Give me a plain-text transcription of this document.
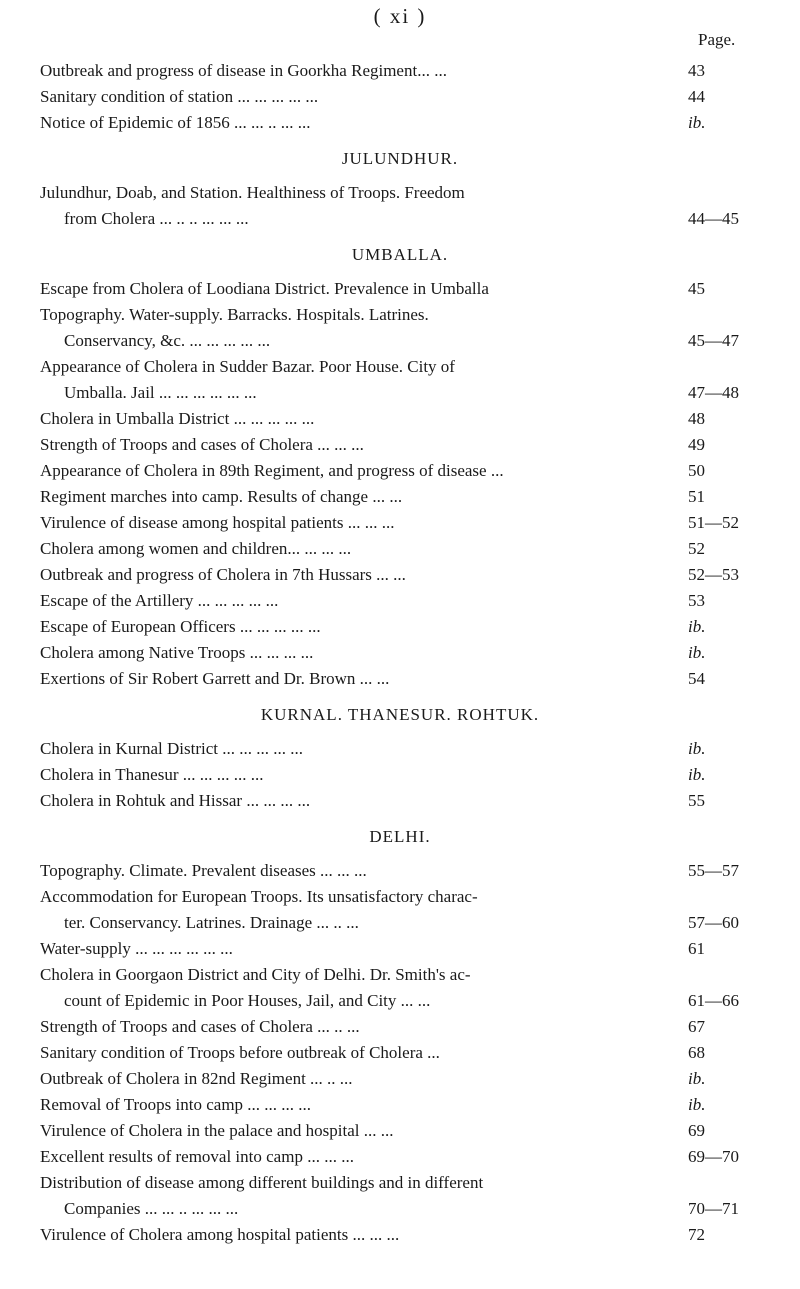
( xi )
Page.
Outbreak and progress of disease in Goorkha Regiment... ...	43
Sanitary condition of station ... ... ... ... ...	44
Notice of Epidemic of 1856 ... ... .. ... ...	ib.
JULUNDHUR.
Julundhur, Doab, and Station. Healthiness of Troops. Freedom
from Cholera ... .. .. ... ... ...	44—45
UMBALLA.
Escape from Cholera of Loodiana District. Prevalence in Umballa	45
Topography. Water-supply. Barracks. Hospitals. Latrines.
Conservancy, &c. ... ... ... ... ...	45—47
Appearance of Cholera in Sudder Bazar. Poor House. City of
Umballa. Jail ... ... ... ... ... ...	47—48
Cholera in Umballa District ... ... ... ... ...	48
Strength of Troops and cases of Cholera ... ... ...	49
Appearance of Cholera in 89th Regiment, and progress of disease ...	50
Regiment marches into camp. Results of change ... ...	51
Virulence of disease among hospital patients ... ... ...	51—52
Cholera among women and children... ... ... ...	52
Outbreak and progress of Cholera in 7th Hussars ... ...	52—53
Escape of the Artillery ... ... ... ... ...	53
Escape of European Officers ... ... ... ... ...	ib.
Cholera among Native Troops ... ... ... ...	ib.
Exertions of Sir Robert Garrett and Dr. Brown ... ...	54
KURNAL. THANESUR. ROHTUK.
Cholera in Kurnal District ... ... ... ... ...	ib.
Cholera in Thanesur ... ... ... ... ...	ib.
Cholera in Rohtuk and Hissar ... ... ... ...	55
DELHI.
Topography. Climate. Prevalent diseases ... ... ...	55—57
Accommodation for European Troops. Its unsatisfactory charac-
ter. Conservancy. Latrines. Drainage ... .. ...	57—60
Water-supply ... ... ... ... ... ...	61
Cholera in Goorgaon District and City of Delhi. Dr. Smith's ac-
count of Epidemic in Poor Houses, Jail, and City ... ...	61—66
Strength of Troops and cases of Cholera ... .. ...	67
Sanitary condition of Troops before outbreak of Cholera ...	68
Outbreak of Cholera in 82nd Regiment ... .. ...	ib.
Removal of Troops into camp ... ... ... ...	ib.
Virulence of Cholera in the palace and hospital ... ...	69
Excellent results of removal into camp ... ... ...	69—70
Distribution of disease among different buildings and in different
Companies ... ... .. ... ... ...	70—71
Virulence of Cholera among hospital patients ... ... ...	72
